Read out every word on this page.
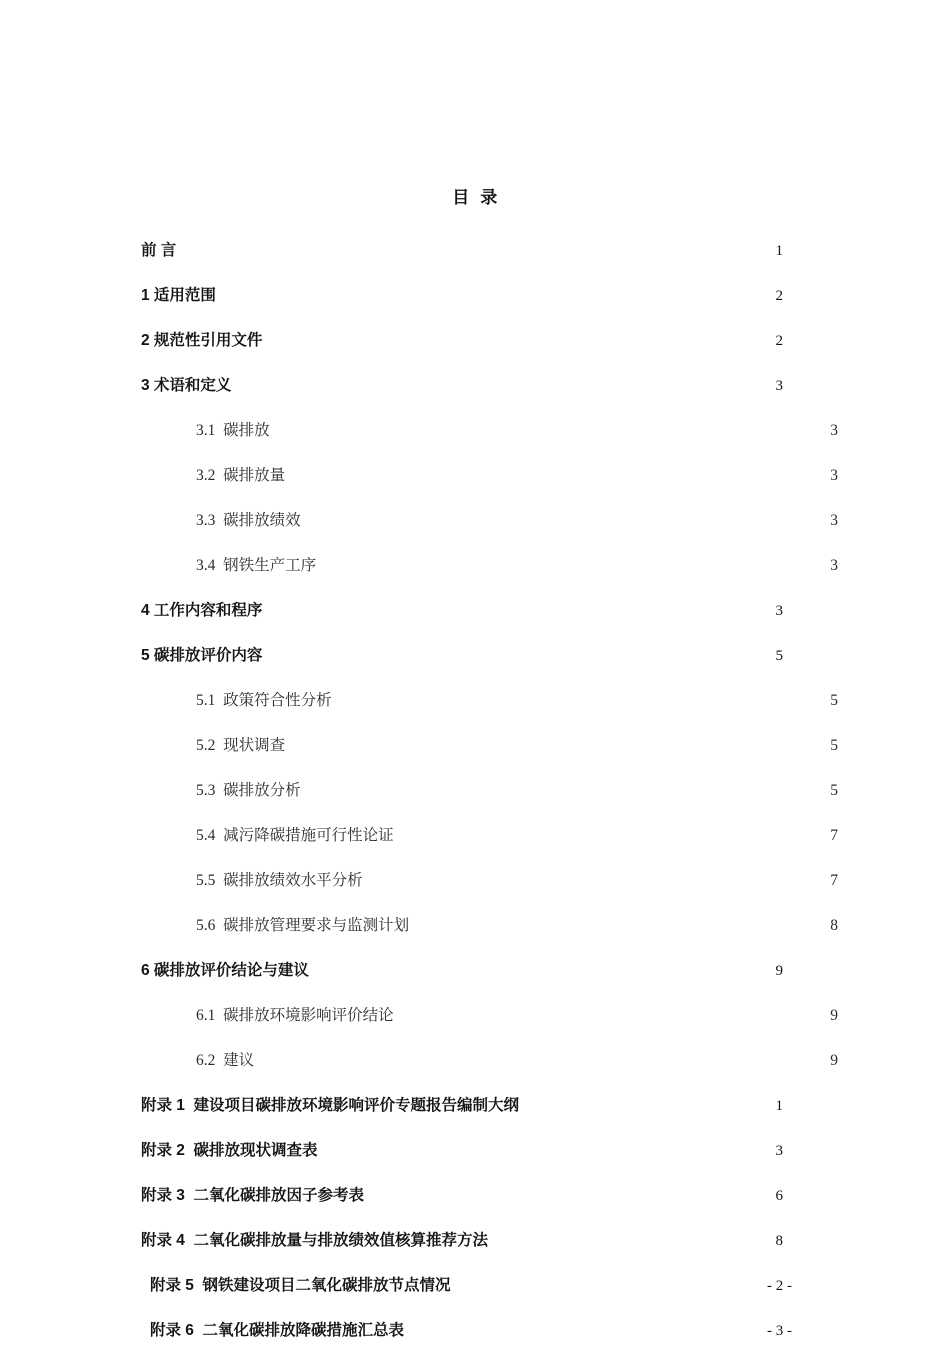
目  录
前 言 .....	1
1 适用范围 .....	2
2 规范性引用文件 .....	2
3 术语和定义 .....	3
3.1  碳排放 .....	3
3.2  碳排放量 .....	3
3.3  碳排放绩效 .....	3
3.4  钢铁生产工序 .....	3
4 工作内容和程序 .....	3
5 碳排放评价内容 .....	5
5.1  政策符合性分析 .....	5
5.2  现状调查 .....	5
5.3  碳排放分析 .....	5
5.4  减污降碳措施可行性论证 .....	7
5.5  碳排放绩效水平分析 .....	7
5.6  碳排放管理要求与监测计划 .....	8
6 碳排放评价结论与建议 .....	9
6.1  碳排放环境影响评价结论 .....	9
6.2  建议 .....	9
附录 1  建设项目碳排放环境影响评价专题报告编制大纲 .....	1
附录 2  碳排放现状调查表 .....	3
附录 3  二氧化碳排放因子参考表 .....	6
附录 4  二氧化碳排放量与排放绩效值核算推荐方法 .....	8
附录 5  钢铁建设项目二氧化碳排放节点情况 .....	- 2 -
附录 6  二氧化碳排放降碳措施汇总表 .....	- 3 -
